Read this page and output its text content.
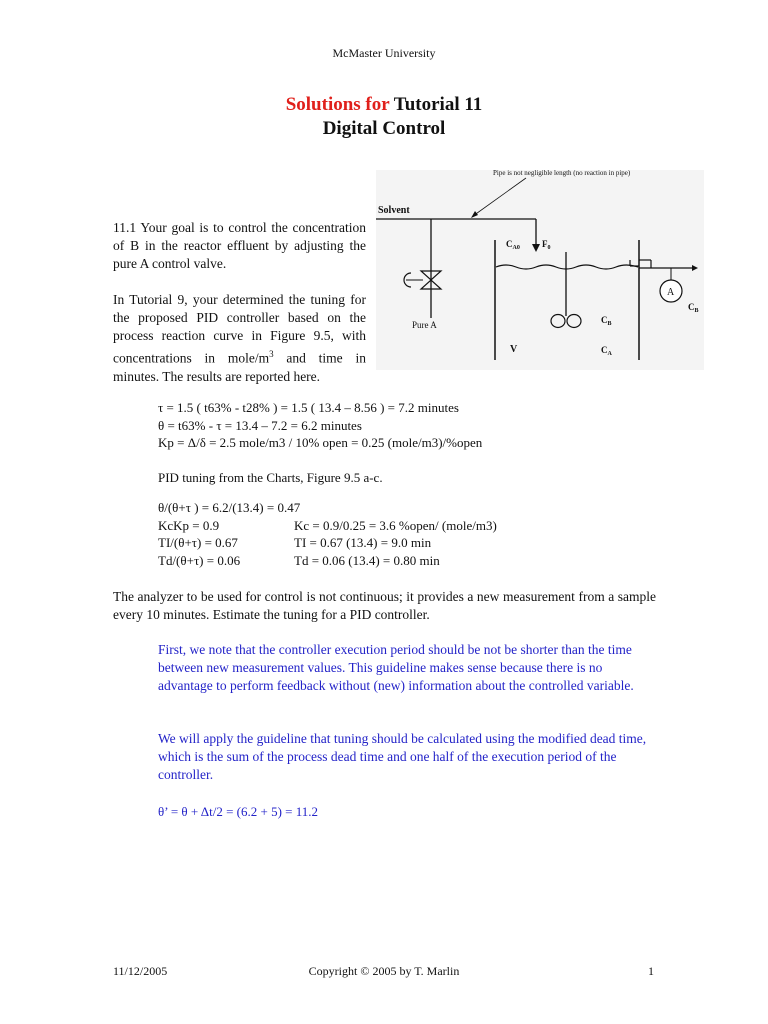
McMaster University
Solutions for Tutorial 11
Digital Control
Pipe is not negligible length (no reaction in pipe)
Solvent
Pure A
$C_{A0}$ $F_0$
$C_B$
$C_A$
V
A
$C_B$

11.1 Your goal is to control the concentration of B in the reactor effluent by adjusting the pure A control valve.

In Tutorial 9, your determined the tuning for the proposed PID controller based on the process reaction curve in Figure 9.5, with concentrations in mole/$m^3$ and time in minutes. The results are reported here.

τ = 1.5 ( t63% - t28% ) = 1.5 ( 13.4 – 8.56 ) = 7.2 minutes
θ = t63% - τ = 13.4 – 7.2 = 6.2 minutes
Kp = Δ/δ = 2.5 mole/m3 / 10% open = 0.25 (mole/m3)/%open
PID tuning from the Charts, Figure 9.5 a-c.
θ/(θ+τ ) = 6.2/(13.4) = 0.47
KcKp = 0.9	Kc = 0.9/0.25 = 3.6 %open/ (mole/m3)
TI/(θ+τ) = 0.67	TI = 0.67 (13.4) = 9.0 min
Td/(θ+τ) = 0.06	Td = 0.06 (13.4) = 0.80 min
The analyzer to be used for control is not continuous; it provides a new measurement from a sample every 10 minutes. Estimate the tuning for a PID controller.
First, we note that the controller execution period should be not be shorter than the time between new measurement values. This guideline makes sense because there is no advantage to perform feedback without (new) information about the controlled variable.
We will apply the guideline that tuning should be calculated using the modified dead time, which is the sum of the process dead time and one half of the execution period of the controller.
θ’ = θ + Δt/2 = (6.2 + 5) = 11.2
11/12/2005	Copyright © 2005 by T. Marlin	1
